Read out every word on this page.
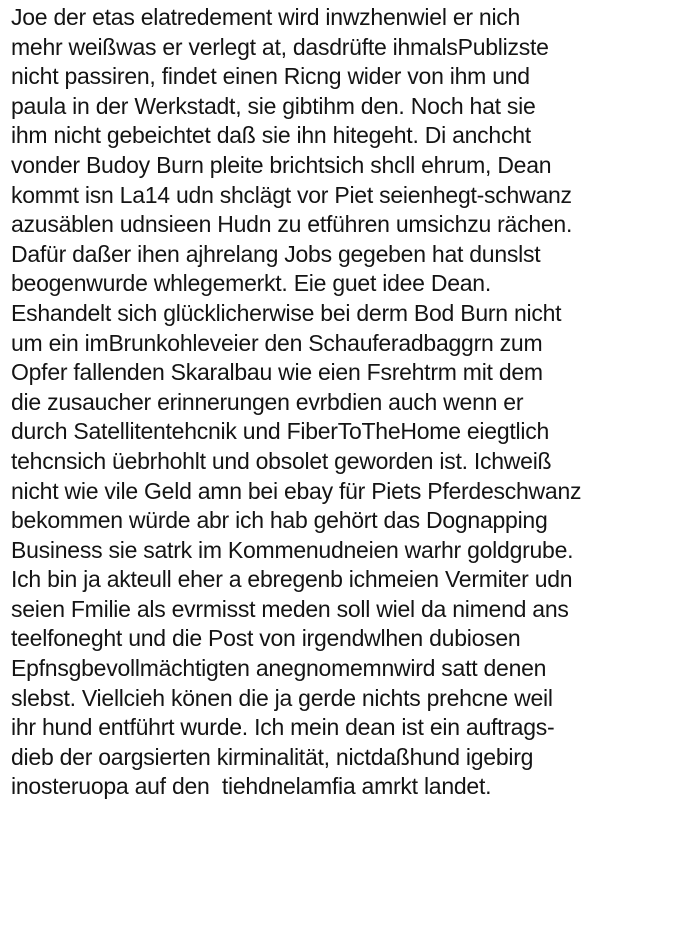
Joe der etas elatredement wird inwzhenwiel er nich
mehr weißwas er verlegt at, dasdrüfte ihmalsPublizste
nicht passiren, findet einen Ricng wider von ihm und
paula in der Werkstadt, sie gibtihm den. Noch hat sie
ihm nicht gebeichtet daß sie ihn hitegeht. Di anchcht
vonder Budoy Burn pleite brichtsich shcll ehrum, Dean
kommt isn La14 udn shclägt vor Piet seienhegt-schwanz
azusäblen udnsieen Hudn zu etführen umsichzu rächen.
Dafür daßer ihen ajhrelang Jobs gegeben hat dunslst
beogenwurde whlegemerkt. Eie guet idee Dean.
Eshandelt sich glücklicherwise bei derm Bod Burn nicht
um ein imBrunkohleveier den Schauferadbaggrn zum
Opfer fallenden Skaralbau wie eien Fsrehtrm mit dem
die zusaucher erinnerungen evrbdien auch wenn er
durch Satellitentehcnik und FiberToTheHome eiegtlich
tehcnsich üebrhohlt und obsolet geworden ist. Ichweiß
nicht wie vile Geld amn bei ebay für Piets Pferdeschwanz
bekommen würde abr ich hab gehört das Dognapping
Business sie satrk im Kommenudneien warhr goldgrube.
Ich bin ja akteull eher a ebregenb ichmeien Vermiter udn
seien Fmilie als evrmisst meden soll wiel da nimend ans
teelfoneght und die Post von irgendwlhen dubiosen
Epfnsgbevollmächtigten anegnomemnwird satt denen
slebst. Viellcieh könen die ja gerde nichts prehcne weil
ihr hund entführt wurde. Ich mein dean ist ein auftrags-
dieb der oargsierten kirminalität, nictdaßhund igebirg
inosteruopa auf den  tiehdnelamfia amrkt landet.
